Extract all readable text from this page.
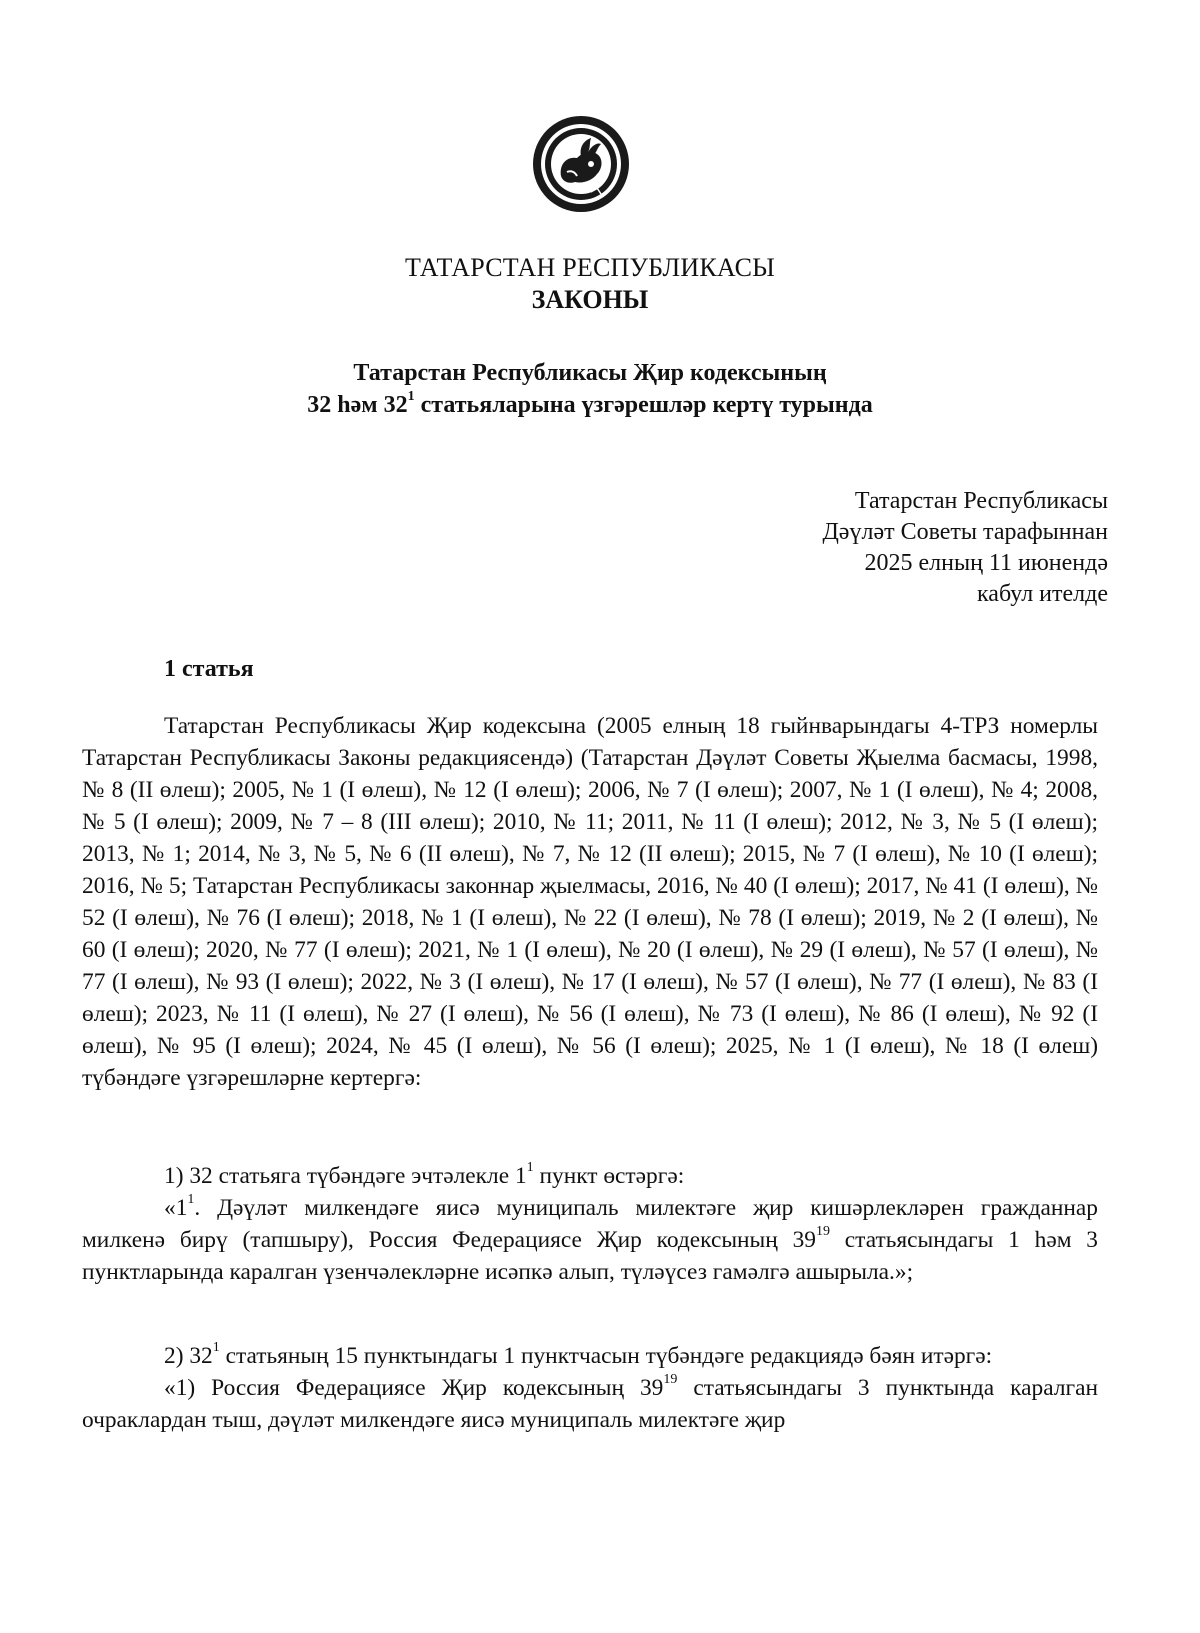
ТАТАРСТАН РЕСПУБЛИКАСЫ
ЗАКОНЫ
Татарстан Республикасы Җир кодексының
32 һәм $32^1$ статьяларына үзгәрешләр кертү турында
Татарстан Республикасы
Дәүләт Советы тарафыннан
2025 елның 11 июнендә
кабул ителде
1 статья

Татарстан Республикасы Җир кодексына (2005 елның 18 гыйнварындагы 4-ТРЗ номерлы Татарстан Республикасы Законы редакциясендә) (Татарстан Дәүләт Советы Җыелма басмасы, 1998, № 8 (II өлеш); 2005, № 1 (I өлеш), № 12 (I өлеш); 2006, № 7 (I өлеш); 2007, № 1 (I өлеш), № 4; 2008, № 5 (I өлеш); 2009, № 7 – 8 (III өлеш); 2010, № 11; 2011, № 11 (I өлеш); 2012, № 3, № 5 (I өлеш); 2013, № 1; 2014, № 3, № 5, № 6 (II өлеш), № 7, № 12 (II өлеш); 2015, № 7 (I өлеш), № 10 (I өлеш); 2016, № 5; Татарстан Республикасы законнар җыелмасы, 2016, № 40 (I өлеш); 2017, № 41 (I өлеш), № 52 (I өлеш), № 76 (I өлеш); 2018, № 1 (I өлеш), № 22 (I өлеш), № 78 (I өлеш); 2019, № 2 (I өлеш), № 60 (I өлеш); 2020, № 77 (I өлеш); 2021, № 1 (I өлеш), № 20 (I өлеш), № 29 (I өлеш), № 57 (I өлеш), № 77 (I өлеш), № 93 (I өлеш); 2022, № 3 (I өлеш), № 17 (I өлеш), № 57 (I өлеш), № 77 (I өлеш), № 83 (I өлеш); 2023, № 11 (I өлеш), № 27 (I өлеш), № 56 (I өлеш), № 73 (I өлеш), № 86 (I өлеш), № 92 (I өлеш), № 95 (I өлеш); 2024, № 45 (I өлеш), № 56 (I өлеш); 2025, № 1 (I өлеш), № 18 (I өлеш) түбәндәге үзгәрешләрне кертергә:

1) 32 статьяга түбәндәге эчтәлекле $1^1$ пункт өстәргә:

«$1^1$. Дәүләт милкендәге яисә муниципаль милектәге җир кишәрлекләрен гражданнар милкенә бирү (тапшыру), Россия Федерациясе Җир кодексының $39^{19}$ статьясындагы 1 һәм 3 пунктларында каралган үзенчәлекләрне исәпкә алып, түләүсез гамәлгә ашырыла.»;

2) $32^1$ статьяның 15 пунктындагы 1 пунктчасын түбәндәге редакциядә бәян итәргә:

«1) Россия Федерациясе Җир кодексының $39^{19}$ статьясындагы 3 пунктында каралган очраклардан тыш, дәүләт милкендәге яисә муниципаль милектәге җир
